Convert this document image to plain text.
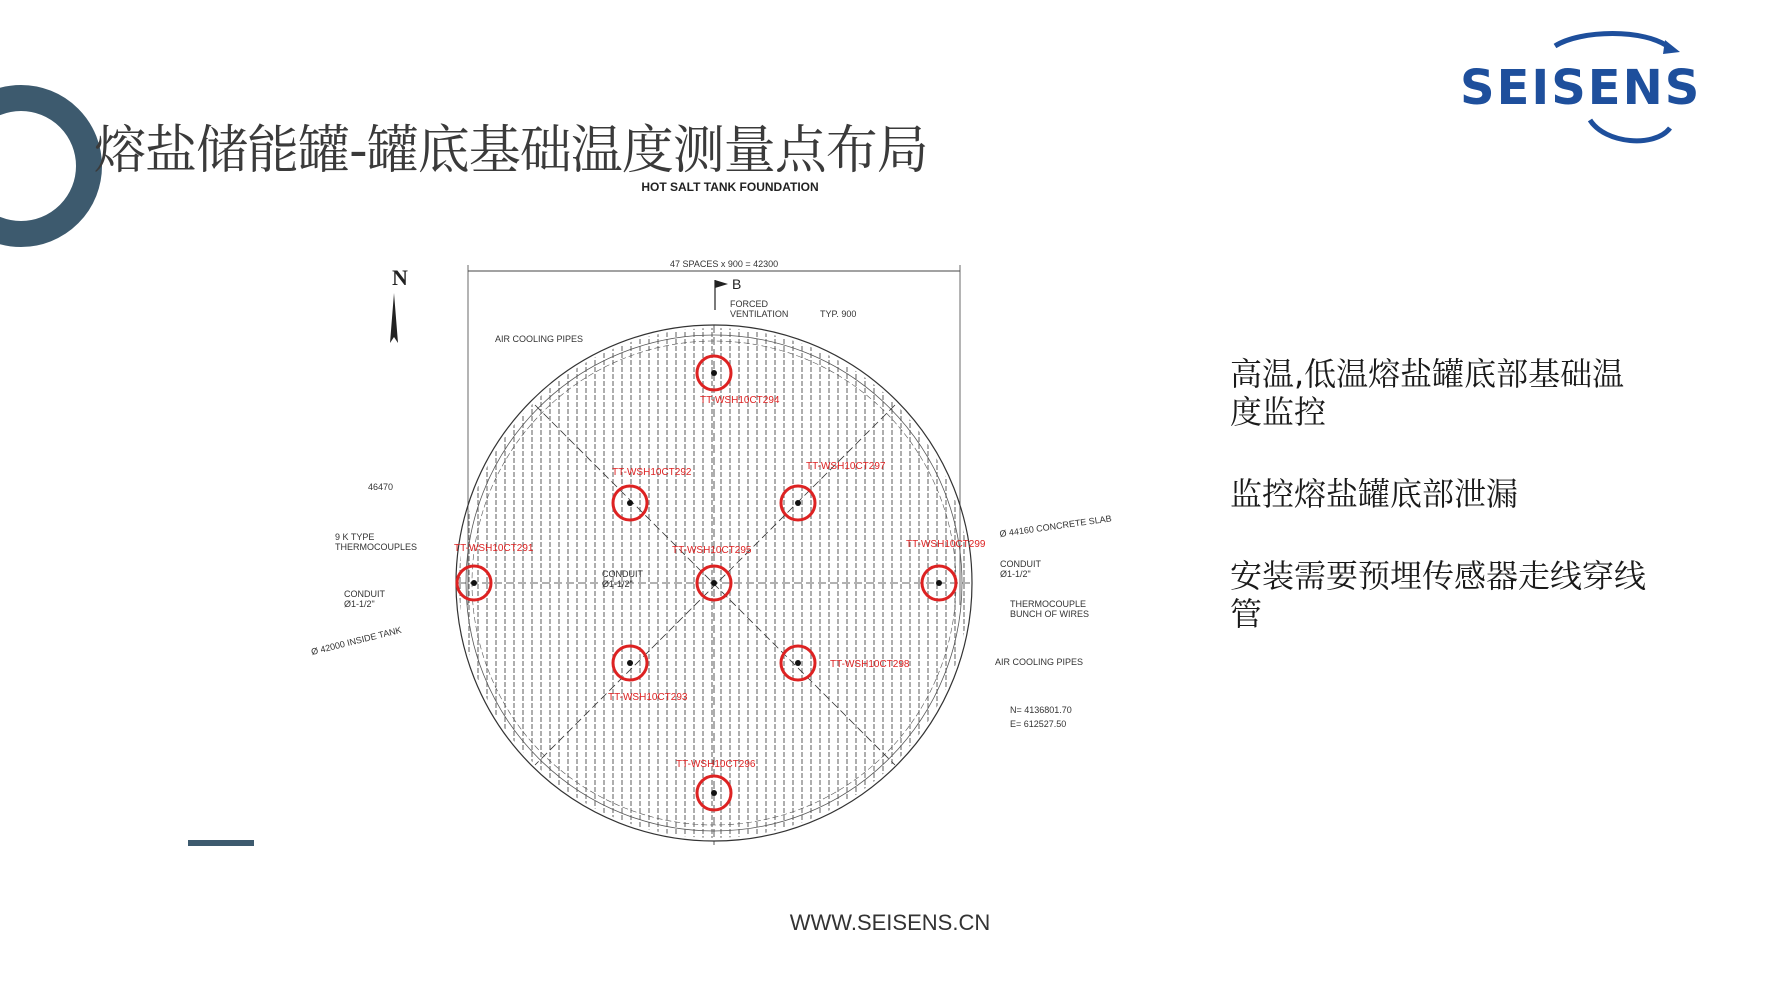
熔盐储能罐-罐底基础温度测量点布局
SEISENS
HOT SALT TANK FOUNDATION
N
47 SPACES x 900 = 42300
B
FORCED VENTILATION	TYP. 900
AIR COOLING PIPES
46470
9 K TYPE THERMOCOUPLES
CONDUIT Ø1-1/2"
Ø 42000 INSIDE TANK
Ø 44160 CONCRETE SLAB
CONDUIT Ø1-1/2"
THERMOCOUPLE BUNCH OF WIRES
AIR COOLING PIPES
N= 4136801.70
E= 612527.50
CONDUIT Ø1-1/2"
TT-WSH10CT294
TT-WSH10CT292
TT-WSH10CT297
TT-WSH10CT291	TT-WSH10CT295
TT-WSH10CT299
TT-WSH10CT293
TT-WSH10CT298
TT-WSH10CT296

高温,低温熔盐罐底部基础温度监控

监控熔盐罐底部泄漏

安装需要预埋传感器走线穿线管

WWW.SEISENS.CN
